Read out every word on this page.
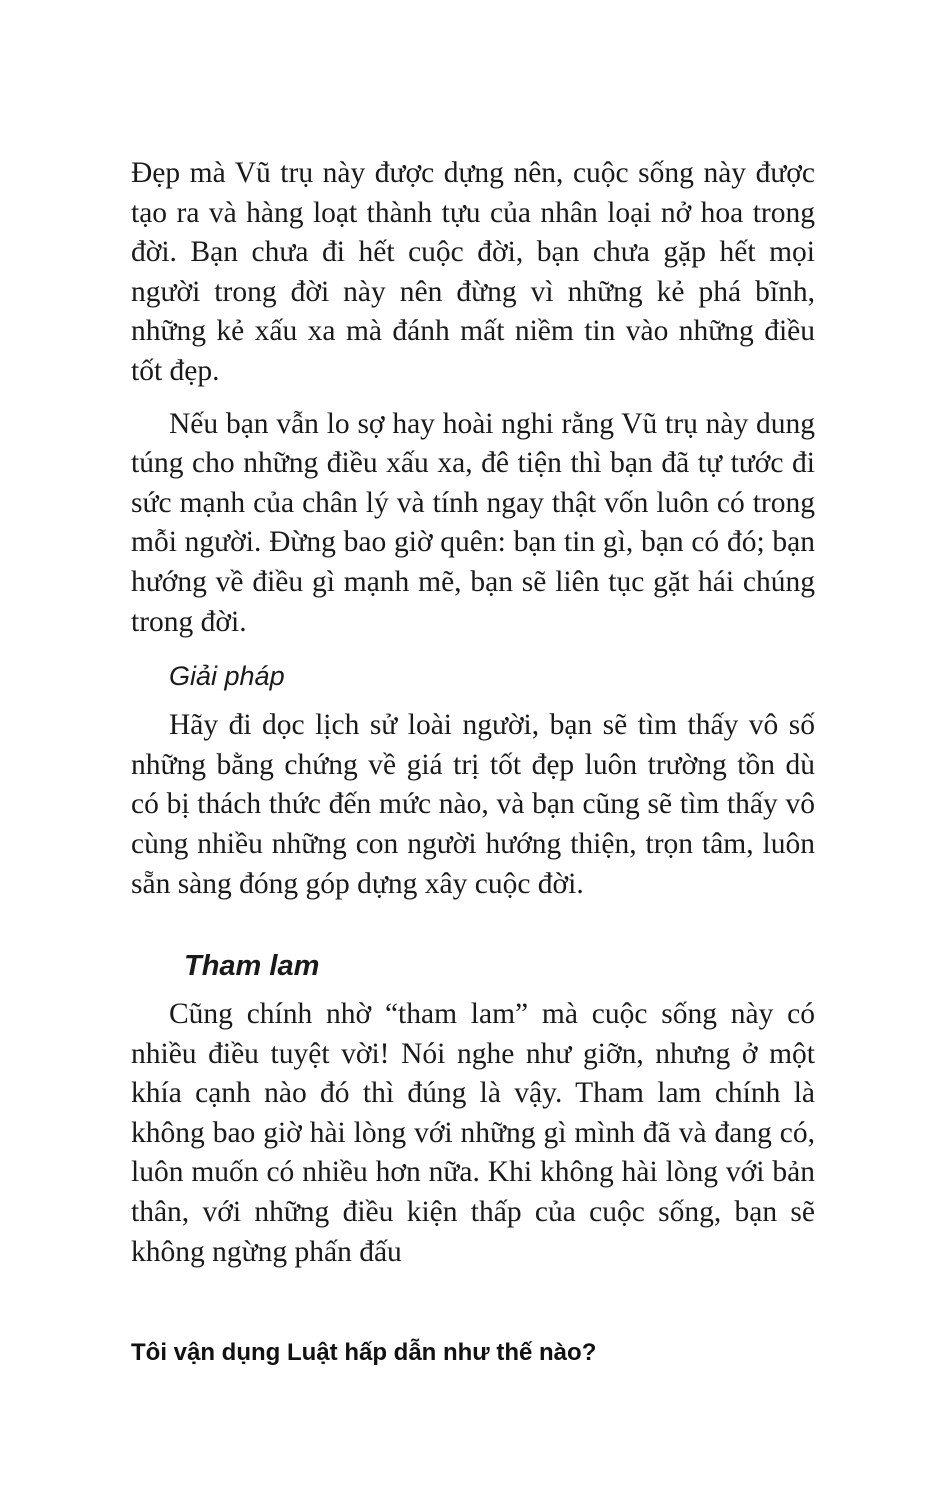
Đẹp mà Vũ trụ này được dựng nên, cuộc sống này được tạo ra và hàng loạt thành tựu của nhân loại nở hoa trong đời. Bạn chưa đi hết cuộc đời, bạn chưa gặp hết mọi người trong đời này nên đừng vì những kẻ phá bĩnh, những kẻ xấu xa mà đánh mất niềm tin vào những điều tốt đẹp.

Nếu bạn vẫn lo sợ hay hoài nghi rằng Vũ trụ này dung túng cho những điều xấu xa, đê tiện thì bạn đã tự tước đi sức mạnh của chân lý và tính ngay thật vốn luôn có trong mỗi người. Đừng bao giờ quên: bạn tin gì, bạn có đó; bạn hướng về điều gì mạnh mẽ, bạn sẽ liên tục gặt hái chúng trong đời.

Giải pháp

Hãy đi dọc lịch sử loài người, bạn sẽ tìm thấy vô số những bằng chứng về giá trị tốt đẹp luôn trường tồn dù có bị thách thức đến mức nào, và bạn cũng sẽ tìm thấy vô cùng nhiều những con người hướng thiện, trọn tâm, luôn sẵn sàng đóng góp dựng xây cuộc đời.

Tham lam

Cũng chính nhờ “tham lam” mà cuộc sống này có nhiều điều tuyệt vời! Nói nghe như giỡn, nhưng ở một khía cạnh nào đó thì đúng là vậy. Tham lam chính là không bao giờ hài lòng với những gì mình đã và đang có, luôn muốn có nhiều hơn nữa. Khi không hài lòng với bản thân, với những điều kiện thấp của cuộc sống, bạn sẽ không ngừng phấn đấu

Tôi vận dụng Luật hấp dẫn như thế nào?
